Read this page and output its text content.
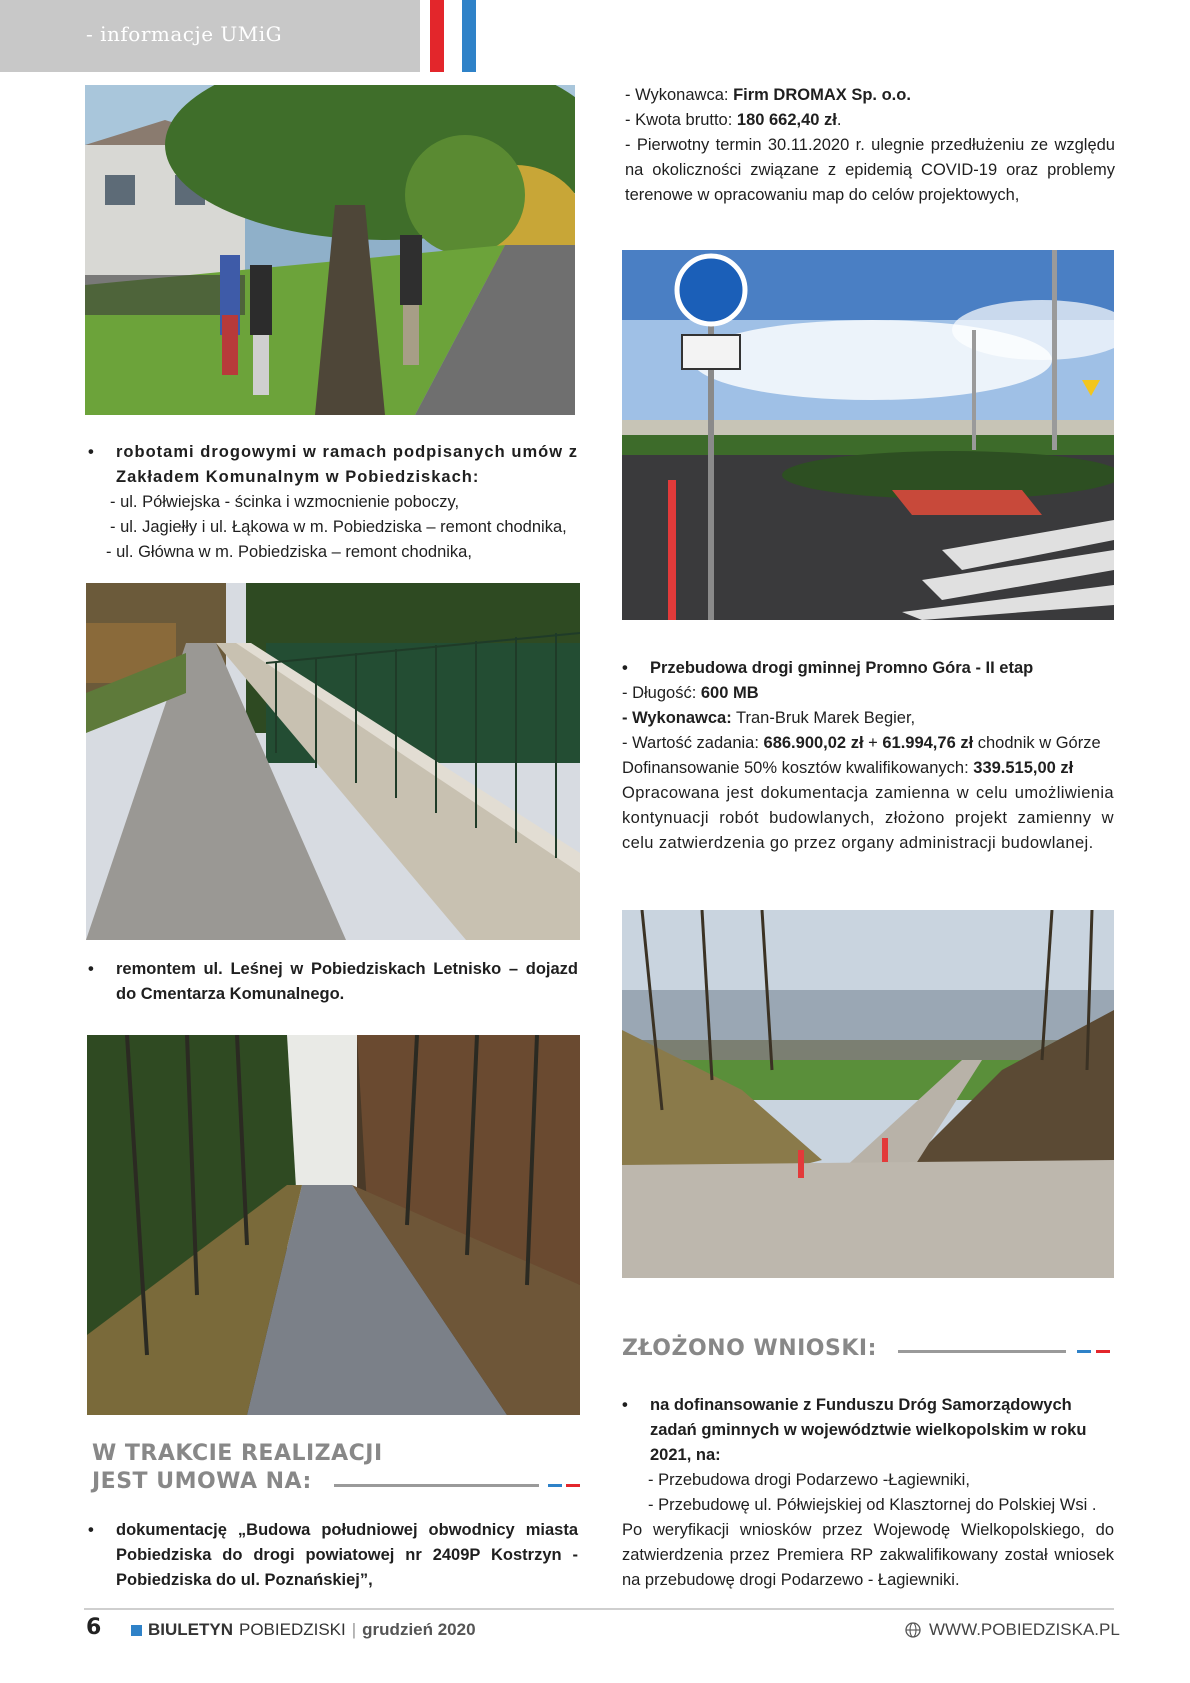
- informacje UMiG

- Wykonawca: Firm DROMAX Sp. o.o.

- Kwota brutto: 180 662,40 zł.

- Pierwotny termin 30.11.2020 r. ulegnie przedłużeniu ze względu na okoliczności związane z epidemią COVID-19 oraz problemy terenowe w opracowaniu map do celów projektowych,

• robotami drogowymi w ramach podpisanych umów z Zakładem Komunalnym w Pobiedziskach:

- ul. Półwiejska - ścinka i wzmocnienie poboczy,

- ul. Jagiełły i ul. Łąkowa w m. Pobiedziska – remont chodnika,

- ul. Główna w m. Pobiedziska – remont chodnika,

• Przebudowa drogi gminnej Promno Góra - II etap

- Długość: 600 MB

- Wykonawca: Tran-Bruk Marek Begier,

- Wartość zadania: 686.900,02 zł + 61.994,76 zł chodnik w Górze

Dofinansowanie 50% kosztów kwalifikowanych: 339.515,00 zł

Opracowana jest dokumentacja zamienna w celu umożliwienia kontynuacji robót budowlanych, złożono projekt zamienny w celu zatwierdzenia go przez organy administracji budowlanej.

• remontem ul. Leśnej w Pobiedziskach Letnisko – dojazd do Cmentarza Komunalnego.

ZŁOŻONO WNIOSKI:
• na dofinansowanie z Funduszu Dróg Samorządowych zadań gminnych w województwie wielkopolskim w roku 2021, na:

- Przebudowa drogi Podarzewo -Łagiewniki,

- Przebudowę ul. Półwiejskiej od Klasztornej do Polskiej Wsi .

Po weryfikacji wniosków przez Wojewodę Wielkopolskiego, do zatwierdzenia przez Premiera RP zakwalifikowany został wniosek na przebudowę drogi Podarzewo - Łagiewniki.

W TRAKCIE REALIZACJI
JEST UMOWA NA:
• dokumentację „Budowa południowej obwodnicy miasta Pobiedziska do drogi powiatowej nr 2409P Kostrzyn - Pobiedziska do ul. Poznańskiej”,

6	BIULETYN POBIEDZISKI | grudzień 2020	WWW.POBIEDZISKA.PL
